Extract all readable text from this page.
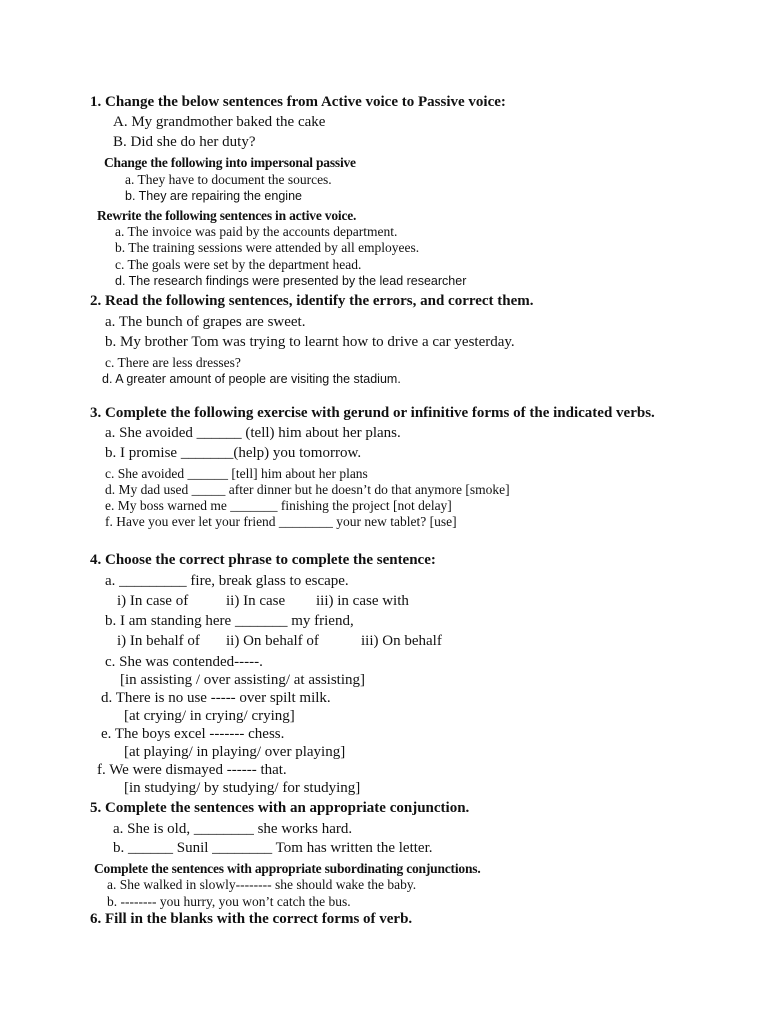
1. Change the below sentences from Active voice to Passive voice:
A. My grandmother baked the cake
B. Did she do her duty?
Change the following into impersonal passive
a. They have to document the sources.
b. They are repairing the engine
Rewrite the following sentences in active voice.
a. The invoice was paid by the accounts department.
b. The training sessions were attended by all employees.
c. The goals were set by the department head.
d. The research findings were presented by the lead researcher
2. Read the following sentences, identify the errors, and correct them.
a. The bunch of grapes are sweet.
b. My brother Tom was trying to learnt how to drive a car yesterday.
c. There are less dresses?
d. A greater amount of people are visiting the stadium.
3. Complete the following exercise with gerund or infinitive forms of the indicated verbs.
a. She avoided ______ (tell) him about her plans.
b. I promise _______(help) you tomorrow.
c. She avoided ______ [tell] him about her plans
d. My dad used _____ after dinner but he doesn’t do that anymore [smoke]
e. My boss warned me _______ finishing the project [not delay]
f. Have you ever let your friend ________ your new tablet? [use]
4. Choose the correct phrase to complete the sentence:
a. _________ fire, break glass to escape.
i) In case of	ii) In case iii) in case with
b. I am standing here _______ my friend,
i) In behalf of ii) On behalf of	iii) On behalf
c. She was contended-----.
[in assisting / over assisting/ at assisting]
d. There is no use ----- over spilt milk.
[at crying/ in crying/ crying]
e. The boys excel ------- chess.
[at playing/ in playing/ over playing]
f. We were dismayed ------ that.
[in studying/ by studying/ for studying]
5. Complete the sentences with an appropriate conjunction.
a. She is old, ________ she works hard.
b. ______ Sunil ________ Tom has written the letter.
Complete the sentences with appropriate subordinating conjunctions.
a. She walked in slowly-------- she should wake the baby.
b. -------- you hurry, you won’t catch the bus.
6. Fill in the blanks with the correct forms of verb.
